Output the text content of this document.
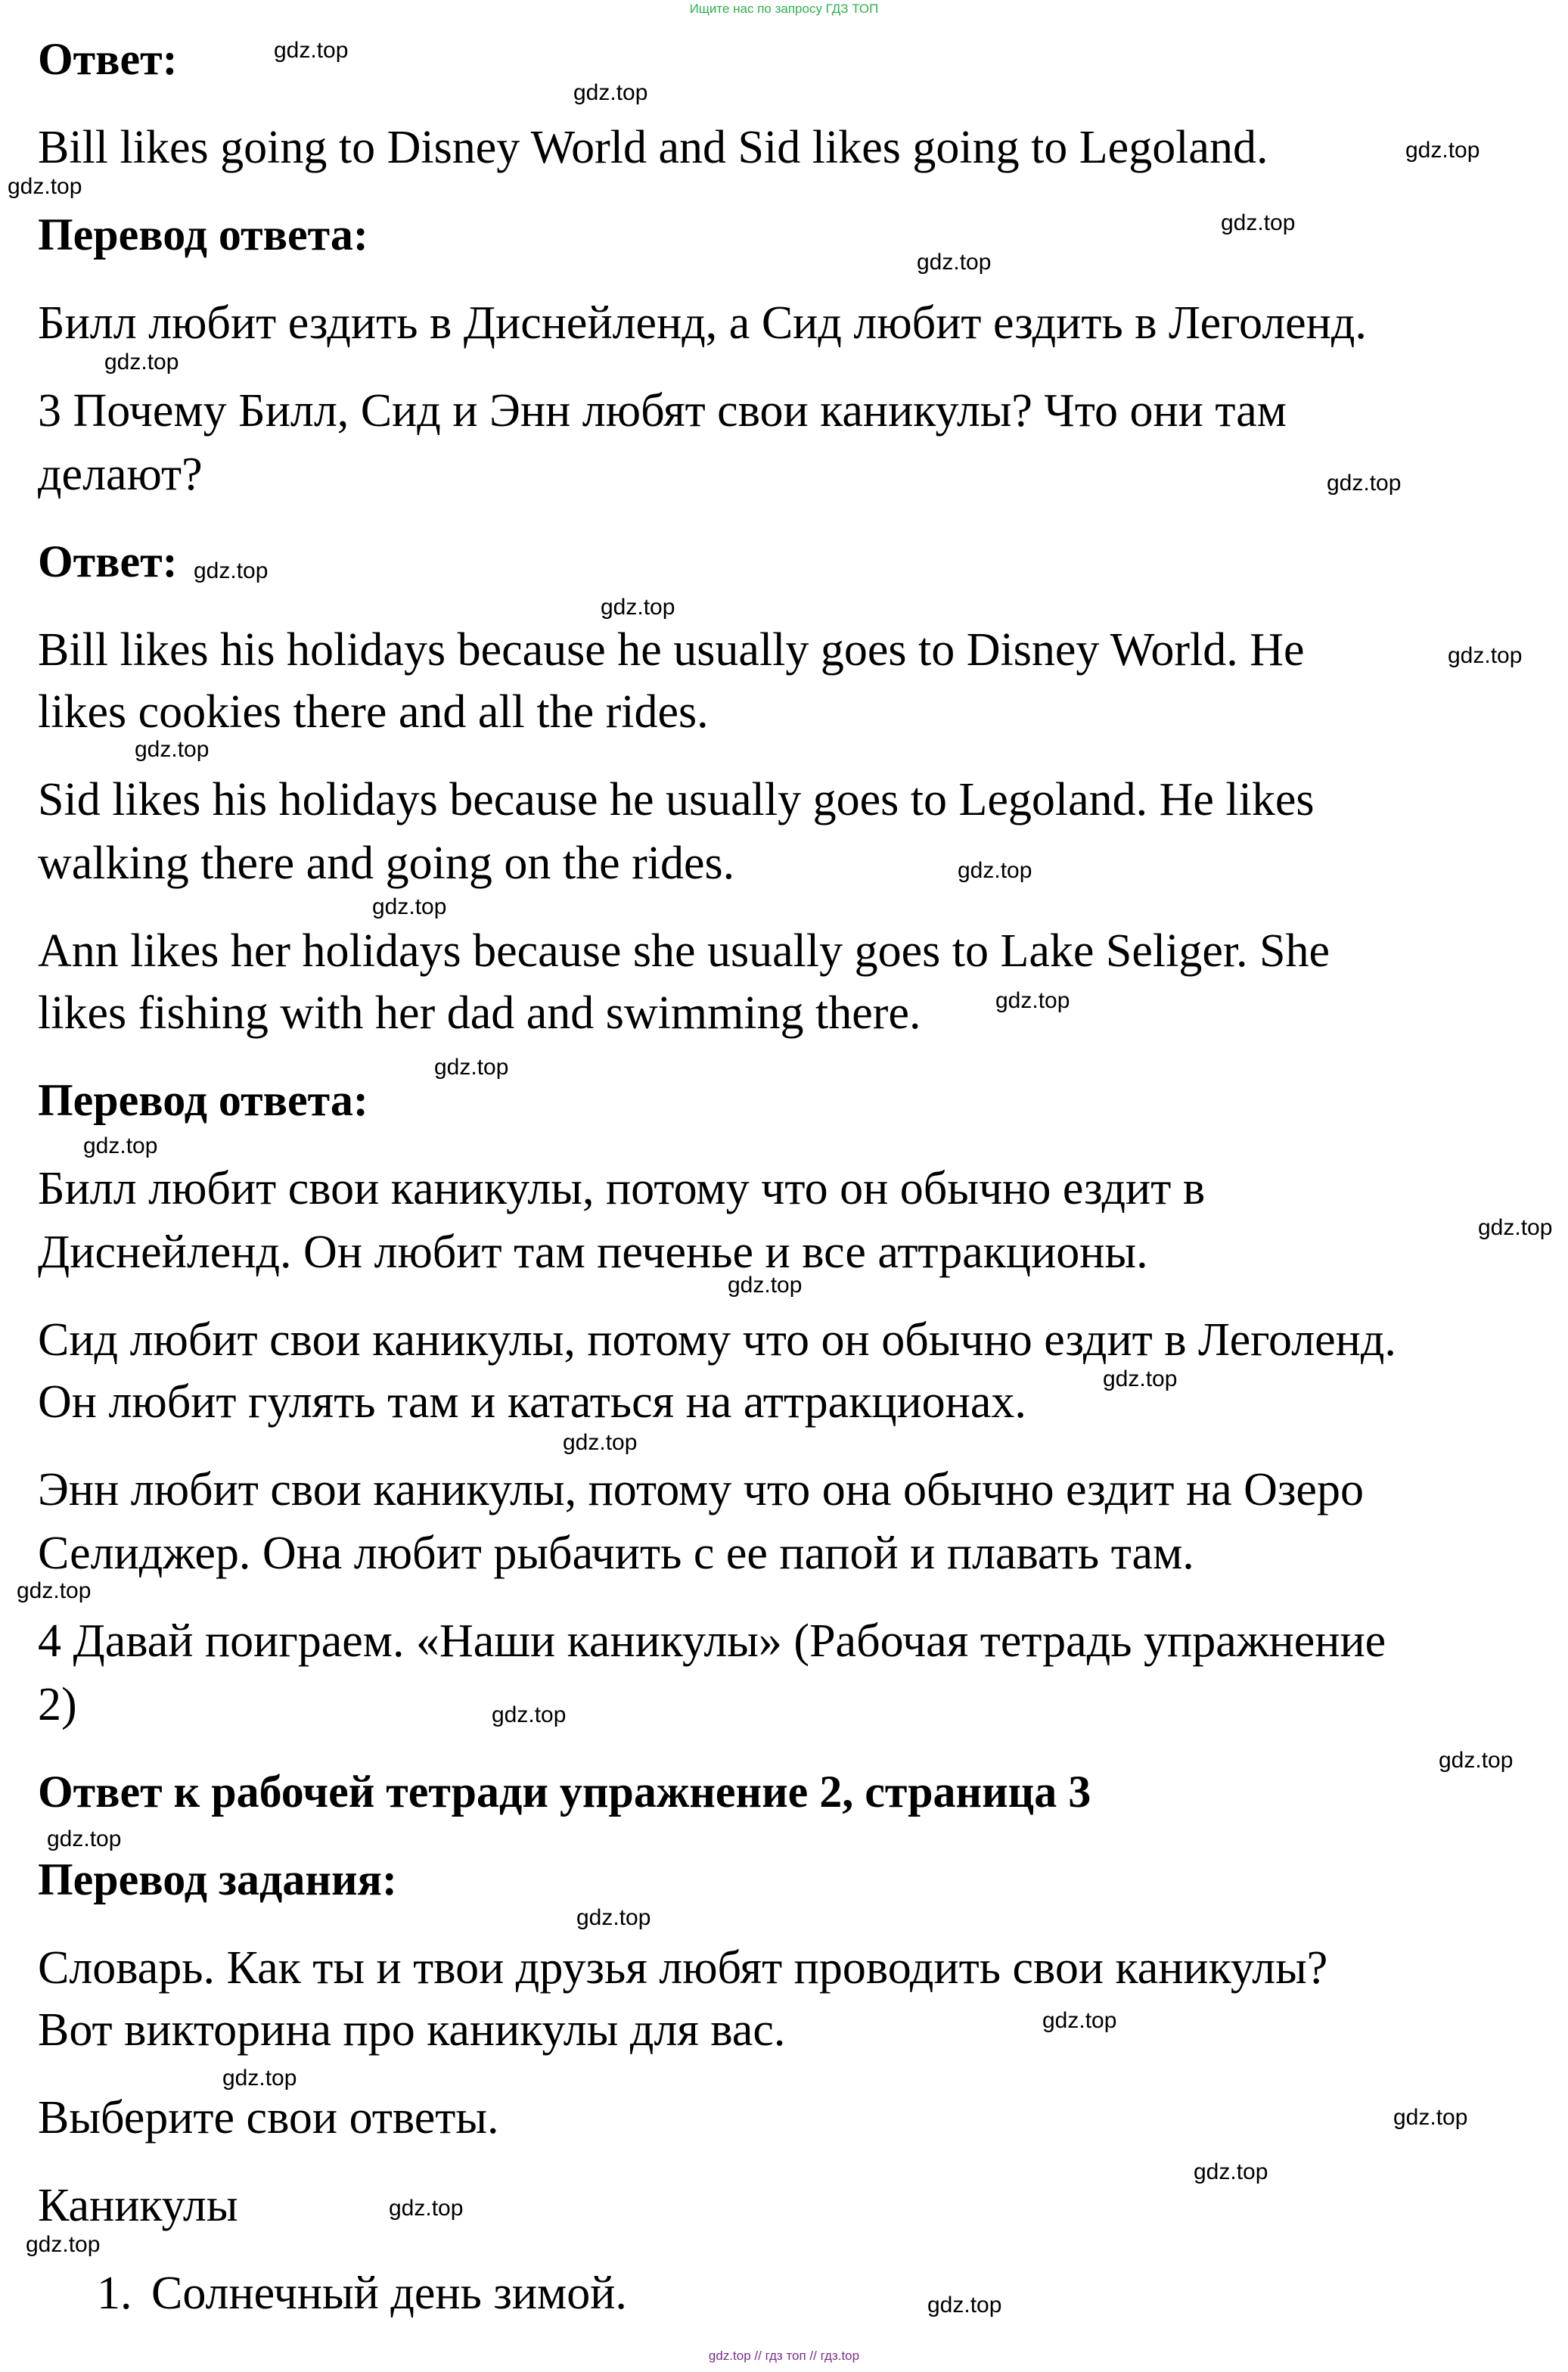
Ищите нас по запросу ГДЗ ТОП
Ответ:
Bill likes going to Disney World and Sid likes going to Legoland.
Перевод ответа:
Билл любит ездить в Диснейленд, а Сид любит ездить в Леголенд.
3 Почему Билл, Сид и Энн любят свои каникулы? Что они там
делают?
Ответ:
Bill likes his holidays because he usually goes to Disney World. He
likes cookies there and all the rides.
Sid likes his holidays because he usually goes to Legoland. He likes
walking there and going on the rides.
Ann likes her holidays because she usually goes to Lake Seliger. She
likes fishing with her dad and swimming there.
Перевод ответа:
Билл любит свои каникулы, потому что он обычно ездит в
Диснейленд. Он любит там печенье и все аттракционы.
Сид любит свои каникулы, потому что он обычно ездит в Леголенд.
Он любит гулять там и кататься на аттракционах.
Энн любит свои каникулы, потому что она обычно ездит на Озеро
Селиджер. Она любит рыбачить с ее папой и плавать там.
4 Давай поиграем. «Наши каникулы» (Рабочая тетрадь упражнение
2)
Ответ к рабочей тетради упражнение 2, страница 3
Перевод задания:
Словарь. Как ты и твои друзья любят проводить свои каникулы?
Вот викторина про каникулы для вас.
Выберите свои ответы.
Каникулы
1. Солнечный день зимой.
gdz.top
gdz.top
gdz.top
gdz.top
gdz.top
gdz.top
gdz.top
gdz.top
gdz.top
gdz.top
gdz.top
gdz.top
gdz.top
gdz.top
gdz.top
gdz.top
gdz.top
gdz.top
gdz.top
gdz.top
gdz.top
gdz.top
gdz.top
gdz.top
gdz.top
gdz.top
gdz.top
gdz.top
gdz.top
gdz.top
gdz.top
gdz.top
gdz.top
gdz.top // гдз топ // гдз.top
